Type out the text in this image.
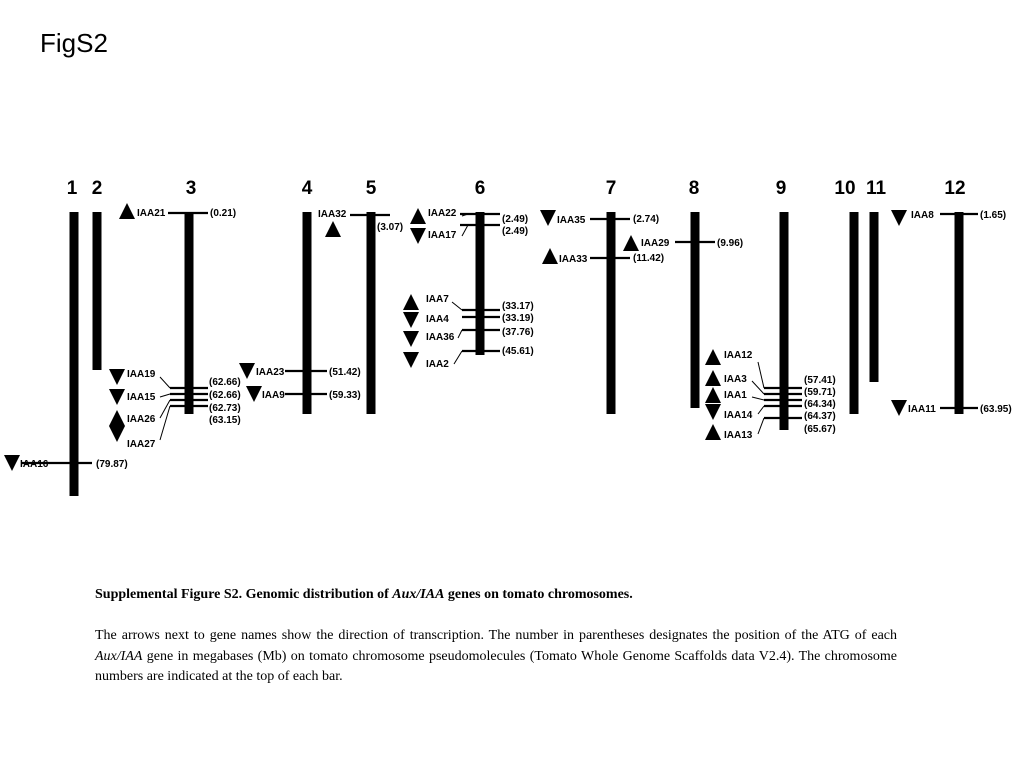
FigS2
1
IAA16	(79.87)
2	3
IAA21	(0.21)
IAA19
(62.66)
IAA15	(62.66)
IAA26
(62.73)
IAA27
(63.15)
4
IAA23	(51.42)
IAA9	(59.33)
5
IAA32
(3.07)
6
IAA22
(2.49)
IAA17	(2.49)
IAA7
(33.17)
IAA4	(33.19)
IAA36	(37.76)
IAA2
(45.61)
7
IAA35	(2.74)
IAA33	(11.42)
8
IAA29	(9.96)
9
IAA12
(57.41)
IAA3
(59.71)
IAA1
(64.34)
IAA14	(64.37)
IAA13
(65.67)
10 11	12
IAA8	(1.65)
IAA11	(63.95)
Supplemental Figure S2. Genomic distribution of Aux/IAA genes on tomato chromosomes.
The arrows next to gene names show the direction of transcription. The number in parentheses designates the position of the ATG of each Aux/IAA gene in megabases (Mb) on tomato chromosome pseudomolecules (Tomato Whole Genome Scaffolds data V2.4). The chromosome numbers are indicated at the top of each bar.
